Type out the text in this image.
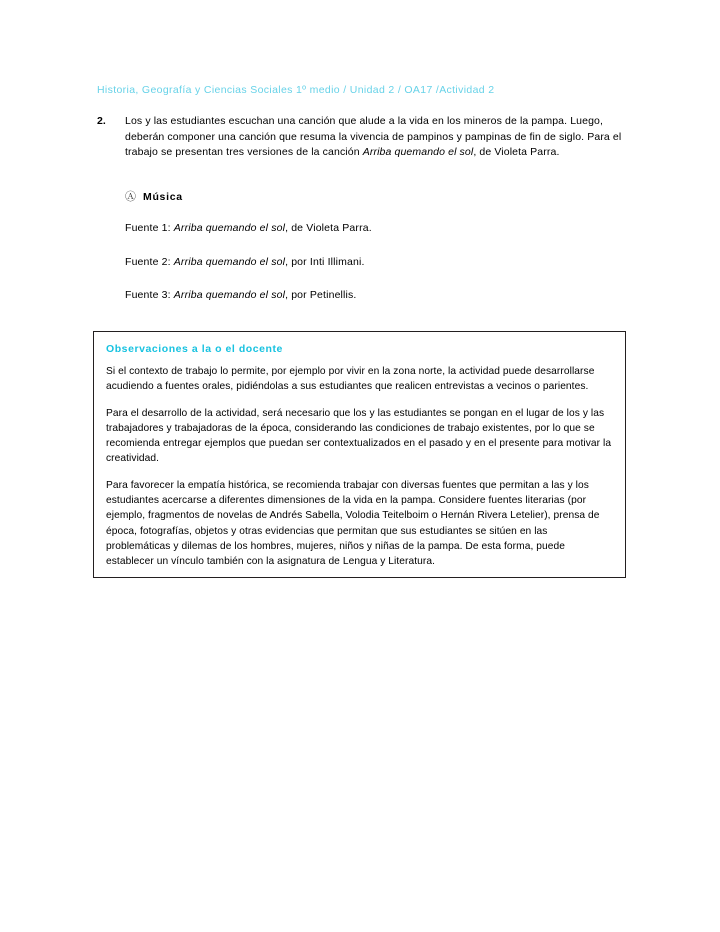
Historia, Geografía y Ciencias Sociales 1º medio / Unidad 2 / OA17 /Actividad 2
2.	Los y las estudiantes escuchan una canción que alude a la vida en los mineros de la pampa. Luego, deberán componer una canción que resuma la vivencia de pampinos y pampinas de fin de siglo. Para el trabajo se presentan tres versiones de la canción Arriba quemando el sol, de Violeta Parra.
Ⓐ Música
Fuente 1: Arriba quemando el sol, de Violeta Parra.
Fuente 2: Arriba quemando el sol, por Inti Illimani.
Fuente 3: Arriba quemando el sol, por Petinellis.
Observaciones a la o el docente

Si el contexto de trabajo lo permite, por ejemplo por vivir en la zona norte, la actividad puede desarrollarse acudiendo a fuentes orales, pidiéndolas a sus estudiantes que realicen entrevistas a vecinos o parientes.

Para el desarrollo de la actividad, será necesario que los y las estudiantes se pongan en el lugar de los y las trabajadores y trabajadoras de la época, considerando las condiciones de trabajo existentes, por lo que se recomienda entregar ejemplos que puedan ser contextualizados en el pasado y en el presente para motivar la creatividad.

Para favorecer la empatía histórica, se recomienda trabajar con diversas fuentes que permitan a las y los estudiantes acercarse a diferentes dimensiones de la vida en la pampa. Considere fuentes literarias (por ejemplo, fragmentos de novelas de Andrés Sabella, Volodia Teitelboim o Hernán Rivera Letelier), prensa de época, fotografías, objetos y otras evidencias que permitan que sus estudiantes se sitúen en las problemáticas y dilemas de los hombres, mujeres, niños y niñas de la pampa. De esta forma, puede establecer un vínculo también con la asignatura de Lengua y Literatura.
